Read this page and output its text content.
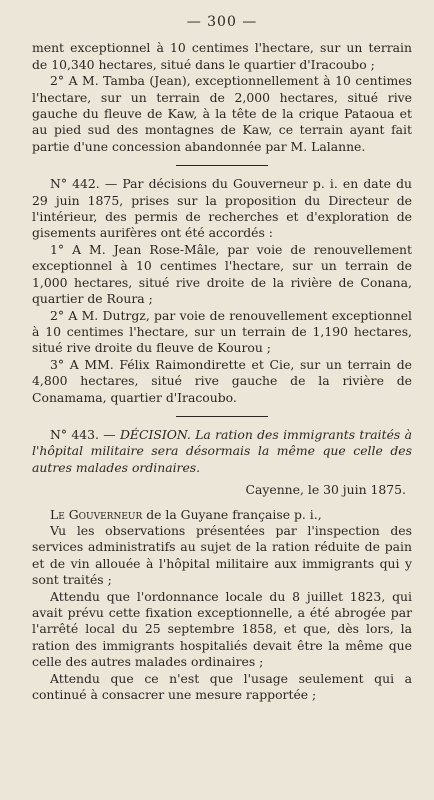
— 300 —

ment exceptionnel à 10 centimes l'hectare, sur un terrain de 10,340 hectares, situé dans le quartier d'Iracoubo ;

2° A M. Tamba (Jean), exceptionnellement à 10 centimes l'hectare, sur un terrain de 2,000 hectares, situé rive gauche du fleuve de Kaw, à la tête de la crique Pataoua et au pied sud des montagnes de Kaw, ce terrain ayant fait partie d'une concession abandonnée par M. Lalanne.

N° 442. — Par décisions du Gouverneur p. i. en date du 29 juin 1875, prises sur la proposition du Directeur de l'intérieur, des permis de recherches et d'exploration de gisements aurifères ont été accordés :

1° A M. Jean Rose-Mâle, par voie de renouvellement exceptionnel à 10 centimes l'hectare, sur un terrain de 1,000 hectares, situé rive droite de la rivière de Conana, quartier de Roura ;

2° A M. Dutrgz, par voie de renouvellement exceptionnel à 10 centimes l'hectare, sur un terrain de 1,190 hectares, situé rive droite du fleuve de Kourou ;

3° A MM. Félix Raimondirette et Cie, sur un terrain de 4,800 hectares, situé rive gauche de la rivière de Conamama, quartier d'Iracoubo.

N° 443. — DÉCISION. La ration des immigrants traités à l'hôpital militaire sera désormais la même que celle des autres malades ordinaires.

Cayenne, le 30 juin 1875.

Le Gouverneur de la Guyane française p. i.,

Vu les observations présentées par l'inspection des services administratifs au sujet de la ration réduite de pain et de vin allouée à l'hôpital militaire aux immigrants qui y sont traités ;

Attendu que l'ordonnance locale du 8 juillet 1823, qui avait prévu cette fixation exceptionnelle, a été abrogée par l'arrêté local du 25 septembre 1858, et que, dès lors, la ration des immigrants hospitaliés devait être la même que celle des autres malades ordinaires ;

Attendu que ce n'est que l'usage seulement qui a continué à consacrer une mesure rapportée ;
